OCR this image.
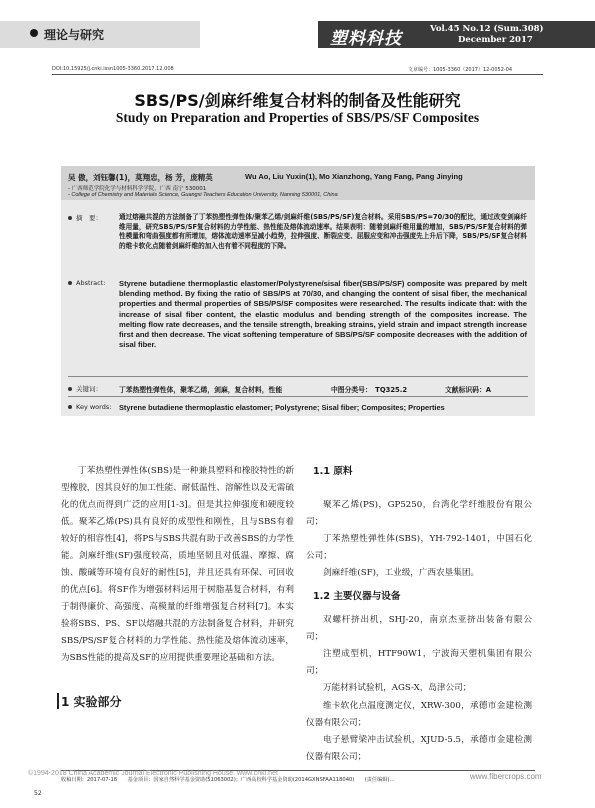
理论与研究	塑料科技	Vol.45 No.12 (Sum.308)
December 2017
DOI:10.15925/j.cnki.issn1005-3360.2017.12.008	文章编号：1005-3360（2017）12-0052-04
SBS/PS/剑麻纤维复合材料的制备及性能研究
Study on Preparation and Properties of SBS/PS/SF Composites
吴 傲，刘钰馨(1)，莫翔忠，杨 芳，庞精英	Wu Ao, Liu Yuxin(1), Mo Xianzhong, Yang Fang, Pang Jinying
- 广西师范学院化学与材料科学学院，广西 南宁 530001
- College of Chemistry and Materials Science, Guangxi Teachers Education University, Nanning 530001, China
摘　要：	通过熔融共混的方法制备了丁苯热塑性弹性体/聚苯乙烯/剑麻纤维(SBS/PS/SF)复合材料。采用SBS/PS=70/30的配比，通过改变剑麻纤维用量，研究SBS/PS/SF复合材料的力学性能、热性能及熔体流动速率。结果表明：随着剑麻纤维用量的增加，SBS/PS/SF复合材料的弹性模量和弯曲强度都有所增加，熔体流动速率呈减小趋势，拉伸强度、断裂应变、屈服应变和冲击强度先上升后下降，SBS/PS/SF复合材料的维卡软化点随着剑麻纤维的加入也有着不同程度的下降。
Abstract: Styrene butadiene thermoplastic elastomer/Polystyrene/sisal fiber(SBS/PS/SF) composite was prepared by melt blending method. By fixing the ratio of SBS/PS at 70/30, and changing the content of sisal fiber, the mechanical properties and thermal properties of SBS/PS/SF composites were researched. The results indicate that: with the increase of sisal fiber content, the elastic modulus and bending strength of the composites increase. The melting flow rate decreases, and the tensile strength, breaking strains, yield strain and impact strength increase first and then decrease. The vicat softening temperature of SBS/PS/SF composite decreases with the addition of sisal fiber.
关键词：	丁苯热塑性弹性体，聚苯乙烯，剑麻，复合材料，性能	中图分类号：　TQ325.2	文献标识码：A
Key words: Styrene butadiene thermoplastic elastomer; Polystyrene; Sisal fiber; Composites; Properties
丁苯热塑性弹性体(SBS)是一种兼具塑料和橡胶特性的新型橡胶，因其良好的加工性能、耐低温性、溶解性以及无需硫化的优点而得到广泛的应用[1-3]。但是其拉伸强度和硬度较低。聚苯乙烯(PS)具有良好的成型性和刚性，且与SBS有着较好的相容性[4]，将PS与SBS共混有助于改善SBS的力学性能。剑麻纤维(SF)强度较高，质地坚韧且对低温、摩擦、腐蚀、酸碱等环境有良好的耐性[5]，并且还具有环保、可回收的优点[6]。将SF作为增强材料运用于树脂基复合材料，有利于制得廉价、高强度、高模量的纤维增强复合材料[7]。本实验将SBS、PS、SF以熔融共混的方法制备复合材料，并研究SBS/PS/SF复合材料的力学性能、热性能及熔体流动速率，为SBS性能的提高及SF的应用提供重要理论基础和方法。
1 实验部分
1.1 原料
聚苯乙烯(PS)，GP5250，台湾化学纤维股份有限公司；
丁苯热塑性弹性体(SBS)，YH-792-1401，中国石化公司；
剑麻纤维(SF)，工业级，广西农垦集团。
1.2 主要仪器与设备
双螺杆挤出机，SHJ-20，南京杰亚挤出装备有限公司；
注塑成型机，HTF90W1，宁波海天塑机集团有限公司；
万能材料试验机，AGS-X，岛津公司；
维卡软化点温度测定仪，XRW-300，承德市金建检测仪器有限公司；
电子悬臂梁冲击试验机，XJUD-5.5，承德市金建检测仪器有限公司；
©1994-2018 China Academic Journal Electronic Publishing House. www.cnki.net
收稿日期：2017-07-18　　基金项目：国家自然科学基金资助(51063002)；广西高校科学基金资助(2014GXNSFAA118040)　　(责任编辑)…	www.fibercrops.com
52
